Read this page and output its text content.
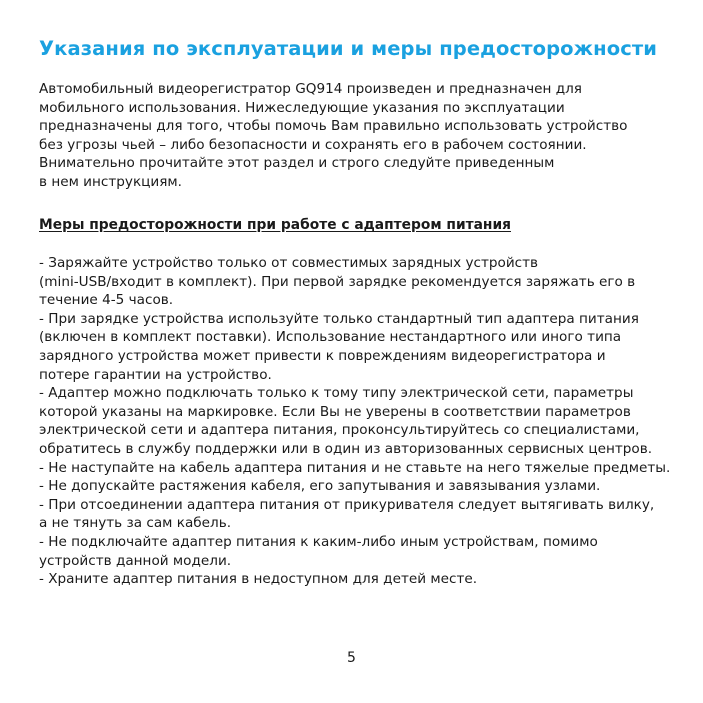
Указания по эксплуатации и меры предосторожности
Автомобильный видеорегистратор GQ914 произведен и предназначен для
мобильного использования. Нижеследующие указания по эксплуатации
предназначены для того, чтобы помочь Вам правильно использовать устройство
без угрозы чьей – либо безопасности и сохранять его в рабочем состоянии.
Внимательно прочитайте этот раздел и строго следуйте приведенным
в нем инструкциям.
Меры предосторожности при работе с адаптером питания
- Заряжайте устройство только от совместимых зарядных устройств
(mini-USB/входит в комплект). При первой зарядке рекомендуется заряжать его в
течение 4-5 часов.
- При зарядке устройства используйте только стандартный тип адаптера питания
(включен в комплект поставки). Использование нестандартного или иного типа
зарядного устройства может привести к повреждениям видеорегистратора и
потере гарантии на устройство.
- Адаптер можно подключать только к тому типу электрической сети, параметры
которой указаны на маркировке. Если Вы не уверены в соответствии параметров
электрической сети и адаптера питания, проконсультируйтесь со специалистами,
обратитесь в службу поддержки или в один из авторизованных сервисных центров.
- Не наступайте на кабель адаптера питания и не ставьте на него тяжелые предметы.
- Не допускайте растяжения кабеля, его запутывания и завязывания узлами.
- При отсоединении адаптера питания от прикуривателя следует вытягивать вилку,
а не тянуть за сам кабель.
- Не подключайте адаптер питания к каким-либо иным устройствам, помимо
устройств данной модели.
- Храните адаптер питания в недоступном для детей месте.
5
